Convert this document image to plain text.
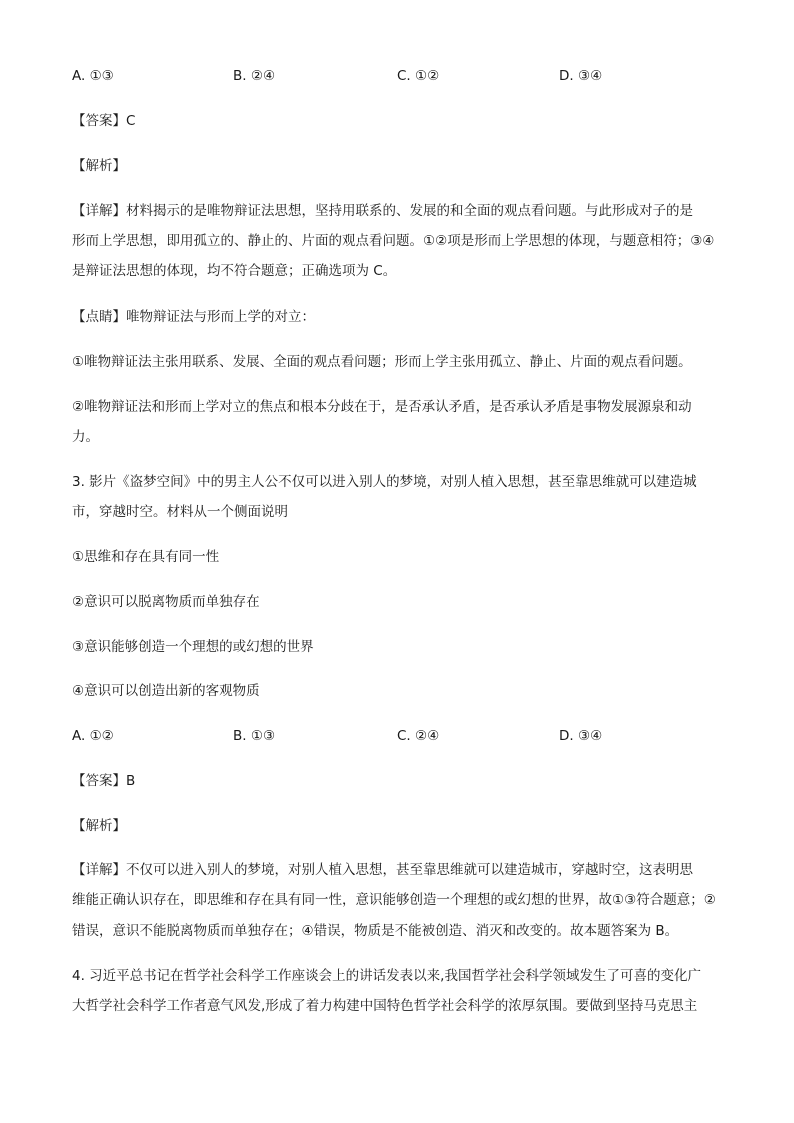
A. ①③	B. ②④	C. ①②	D. ③④
【答案】C
【解析】
【详解】材料揭示的是唯物辩证法思想，坚持用联系的、发展的和全面的观点看问题。与此形成对子的是
形而上学思想，即用孤立的、静止的、片面的观点看问题。①②项是形而上学思想的体现，与题意相符；③④
是辩证法思想的体现，均不符合题意；正确选项为 C。
【点睛】唯物辩证法与形而上学的对立：
①唯物辩证法主张用联系、发展、全面的观点看问题；形而上学主张用孤立、静止、片面的观点看问题。
②唯物辩证法和形而上学对立的焦点和根本分歧在于，是否承认矛盾，是否承认矛盾是事物发展源泉和动
力。
3. 影片《盗梦空间》中的男主人公不仅可以进入别人的梦境，对别人植入思想，甚至靠思维就可以建造城
市，穿越时空。材料从一个侧面说明
①思维和存在具有同一性
②意识可以脱离物质而单独存在
③意识能够创造一个理想的或幻想的世界
④意识可以创造出新的客观物质
A. ①②	B. ①③	C. ②④	D. ③④
【答案】B
【解析】
【详解】不仅可以进入别人的梦境，对别人植入思想，甚至靠思维就可以建造城市，穿越时空，这表明思
维能正确认识存在，即思维和存在具有同一性，意识能够创造一个理想的或幻想的世界，故①③符合题意；②
错误，意识不能脱离物质而单独存在；④错误，物质是不能被创造、消灭和改变的。故本题答案为 B。
4. 习近平总书记在哲学社会科学工作座谈会上的讲话发表以来,我国哲学社会科学领域发生了可喜的变化广
大哲学社会科学工作者意气风发,形成了着力构建中国特色哲学社会科学的浓厚氛围。要做到坚持马克思主
